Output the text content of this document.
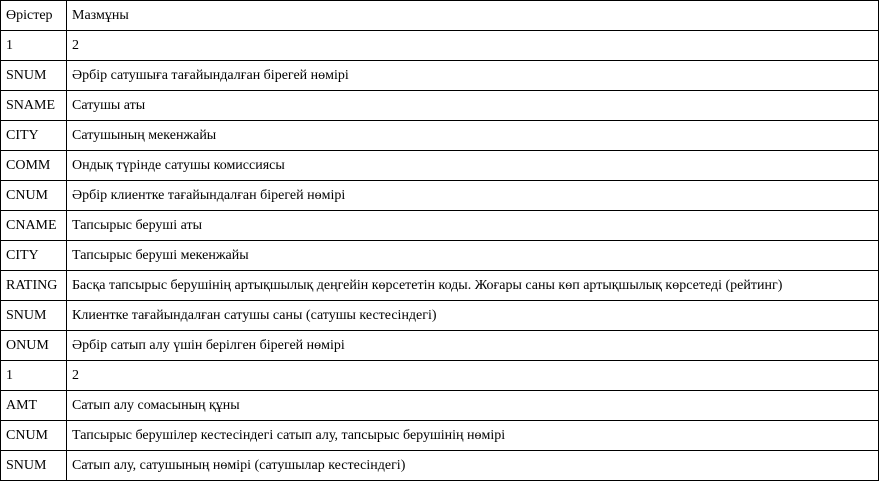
Өрістер	Мазмұны
1	2
SNUM	Әрбір сатушыға тағайындалған бірегей нөмірі
SNAME	Сатушы аты
CITY	Сатушының мекенжайы
COMM	Ондық түрінде сатушы комиссиясы
CNUM	Әрбір клиентке тағайындалған бірегей нөмірі
CNAME	Тапсырыс беруші аты
CITY	Тапсырыс беруші мекенжайы
RATING	Басқа тапсырыс берушінің артықшылық деңгейін көрсететін коды. Жоғары саны көп артықшылық көрсетеді (рейтинг)
SNUM	Клиентке тағайындалған сатушы саны (сатушы кестесіндегі)
ONUM	Әрбір сатып алу үшін берілген бірегей нөмірі
1	2
AMT	Сатып алу сомасының құны
CNUM	Тапсырыс берушілер кестесіндегі сатып алу, тапсырыс берушінің нөмірі
SNUM	Сатып алу, сатушының нөмірі (сатушылар кестесіндегі)
